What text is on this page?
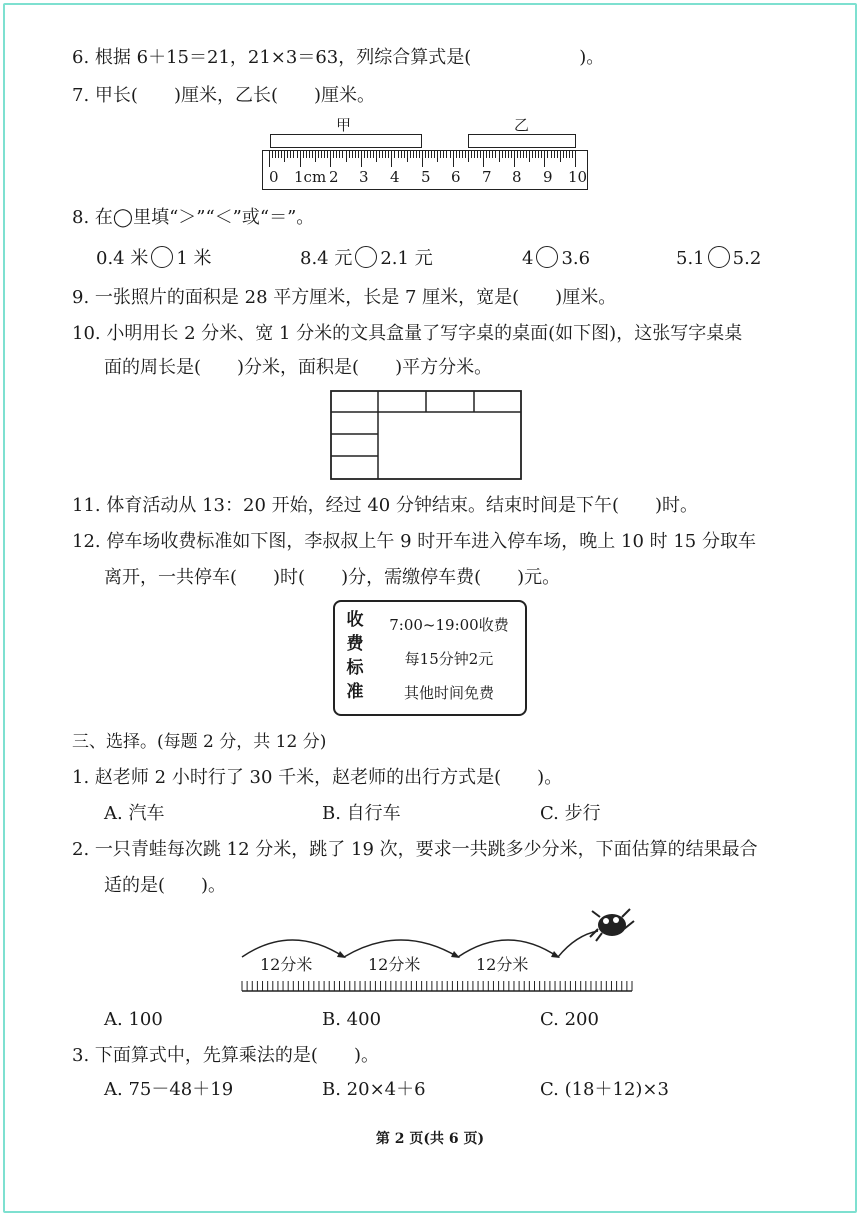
6. 根据 6＋15＝21，21×3＝63，列综合算式是(　　　　　　)。
7. 甲长(　　)厘米，乙长(　　)厘米。
甲	乙
0 1cm 2 3 4 5 6 7 8 9 10
8. 在◯里填“＞”“＜”或“＝”。
0.4 米 1 米	8.4 元 2.1 元	4 3.6	5.1 5.2
9. 一张照片的面积是 28 平方厘米，长是 7 厘米，宽是(　　)厘米。
10. 小明用长 2 分米、宽 1 分米的文具盒量了写字桌的桌面(如下图)，这张写字桌桌
面的周长是(　　)分米，面积是(　　)平方分米。
11. 体育活动从 13：20 开始，经过 40 分钟结束。结束时间是下午(　　)时。
12. 停车场收费标准如下图，李叔叔上午 9 时开车进入停车场，晚上 10 时 15 分取车
离开，一共停车(　　)时(　　)分，需缴停车费(　　)元。
收
费
标
准
7:00~19:00收费
每15分钟2元
其他时间免费
三、选择。(每题 2 分，共 12 分)
1. 赵老师 2 小时行了 30 千米，赵老师的出行方式是(　　)。
A. 汽车	B. 自行车	C. 步行
2. 一只青蛙每次跳 12 分米，跳了 19 次，要求一共跳多少分米，下面估算的结果最合
适的是(　　)。
12分米	12分米	12分米
A. 100	B. 400	C. 200
3. 下面算式中，先算乘法的是(　　)。
A. 75－48＋19	B. 20×4＋6	C. (18＋12)×3
第 2 页(共 6 页)
